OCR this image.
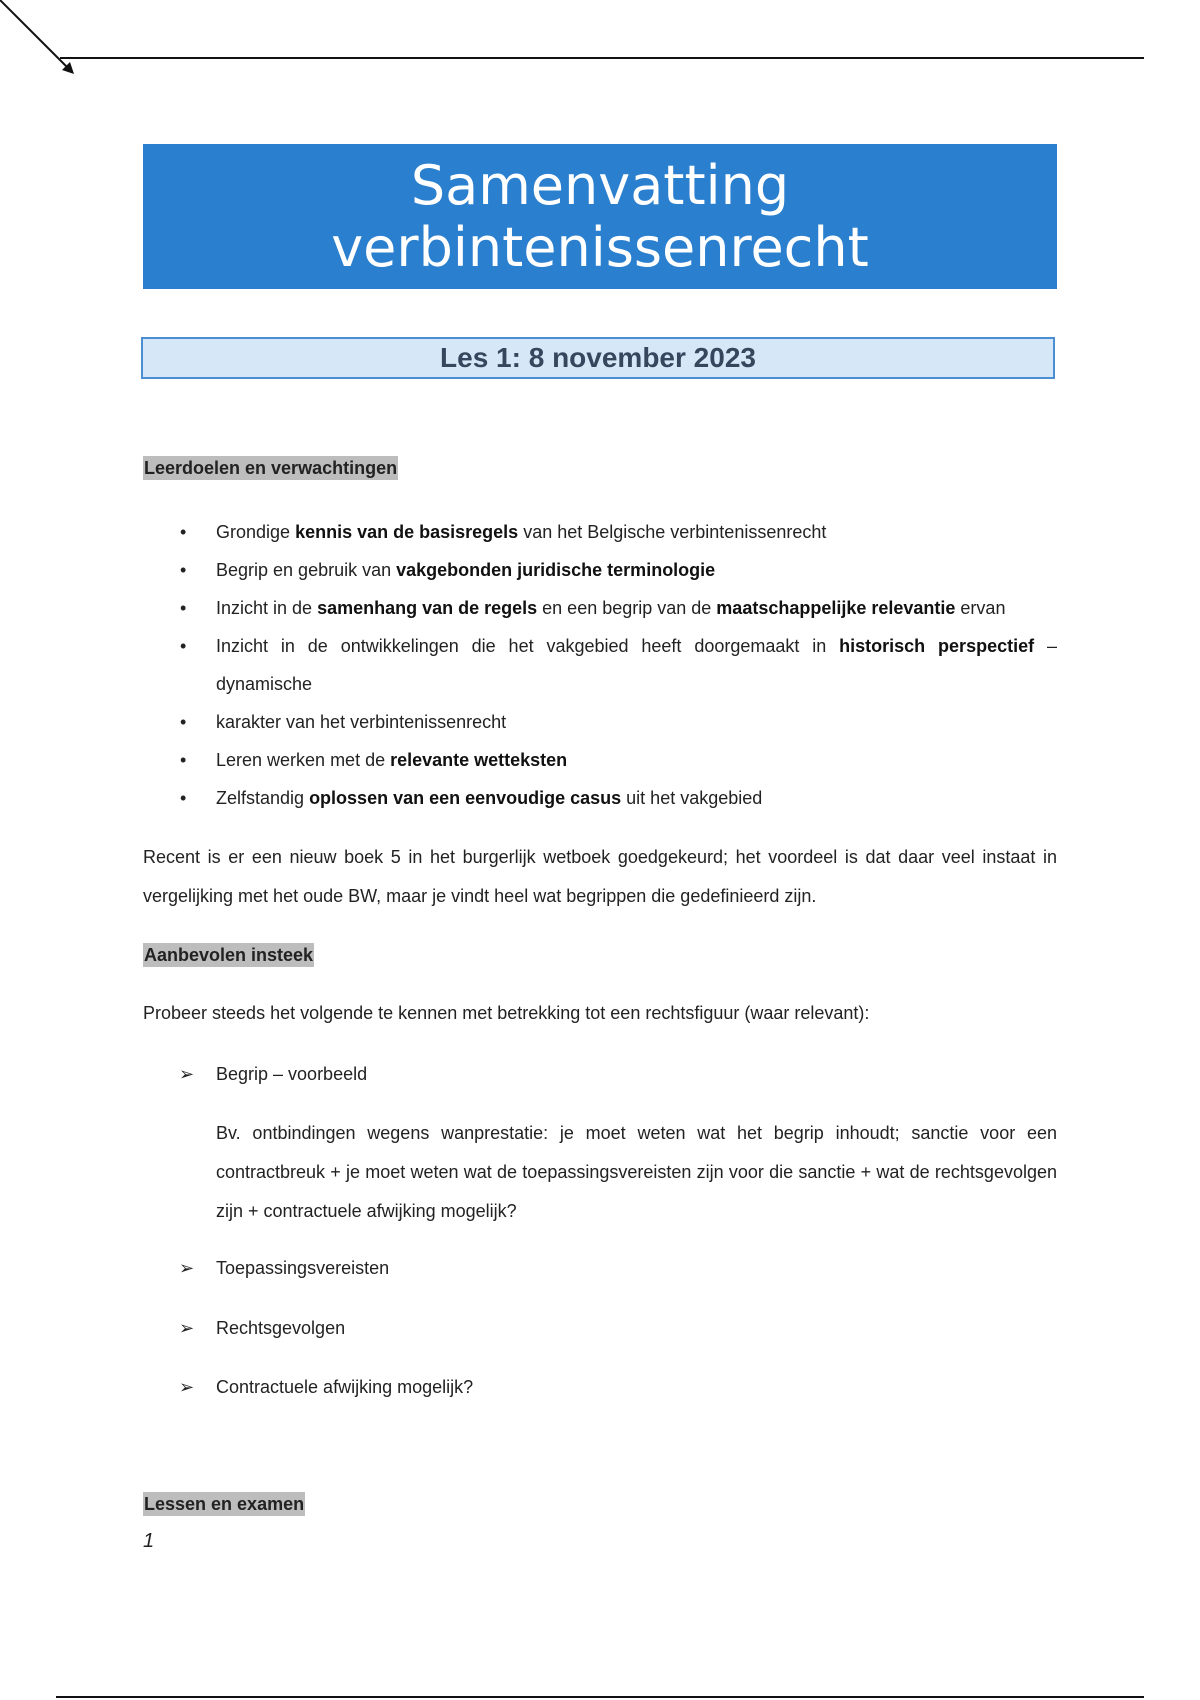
Samenvatting
verbintenissenrecht
Les 1: 8 november 2023
Leerdoelen en verwachtingen
• Grondige kennis van de basisregels van het Belgische verbintenissenrecht
• Begrip en gebruik van vakgebonden juridische terminologie
• Inzicht in de samenhang van de regels en een begrip van de maatschappelijke relevantie ervan
• Inzicht in de ontwikkelingen die het vakgebied heeft doorgemaakt in historisch perspectief – dynamische
• karakter van het verbintenissenrecht
• Leren werken met de relevante wetteksten
• Zelfstandig oplossen van een eenvoudige casus uit het vakgebied
Recent is er een nieuw boek 5 in het burgerlijk wetboek goedgekeurd; het voordeel is dat daar veel instaat in vergelijking met het oude BW, maar je vindt heel wat begrippen die gedefinieerd zijn.
Aanbevolen insteek
Probeer steeds het volgende te kennen met betrekking tot een rechtsfiguur (waar relevant):
➢ Begrip – voorbeeld
Bv. ontbindingen wegens wanprestatie: je moet weten wat het begrip inhoudt; sanctie voor een contractbreuk + je moet weten wat de toepassingsvereisten zijn voor die sanctie + wat de rechtsgevolgen zijn + contractuele afwijking mogelijk?
➢ Toepassingsvereisten
➢ Rechtsgevolgen
➢ Contractuele afwijking mogelijk?
Lessen en examen
1
